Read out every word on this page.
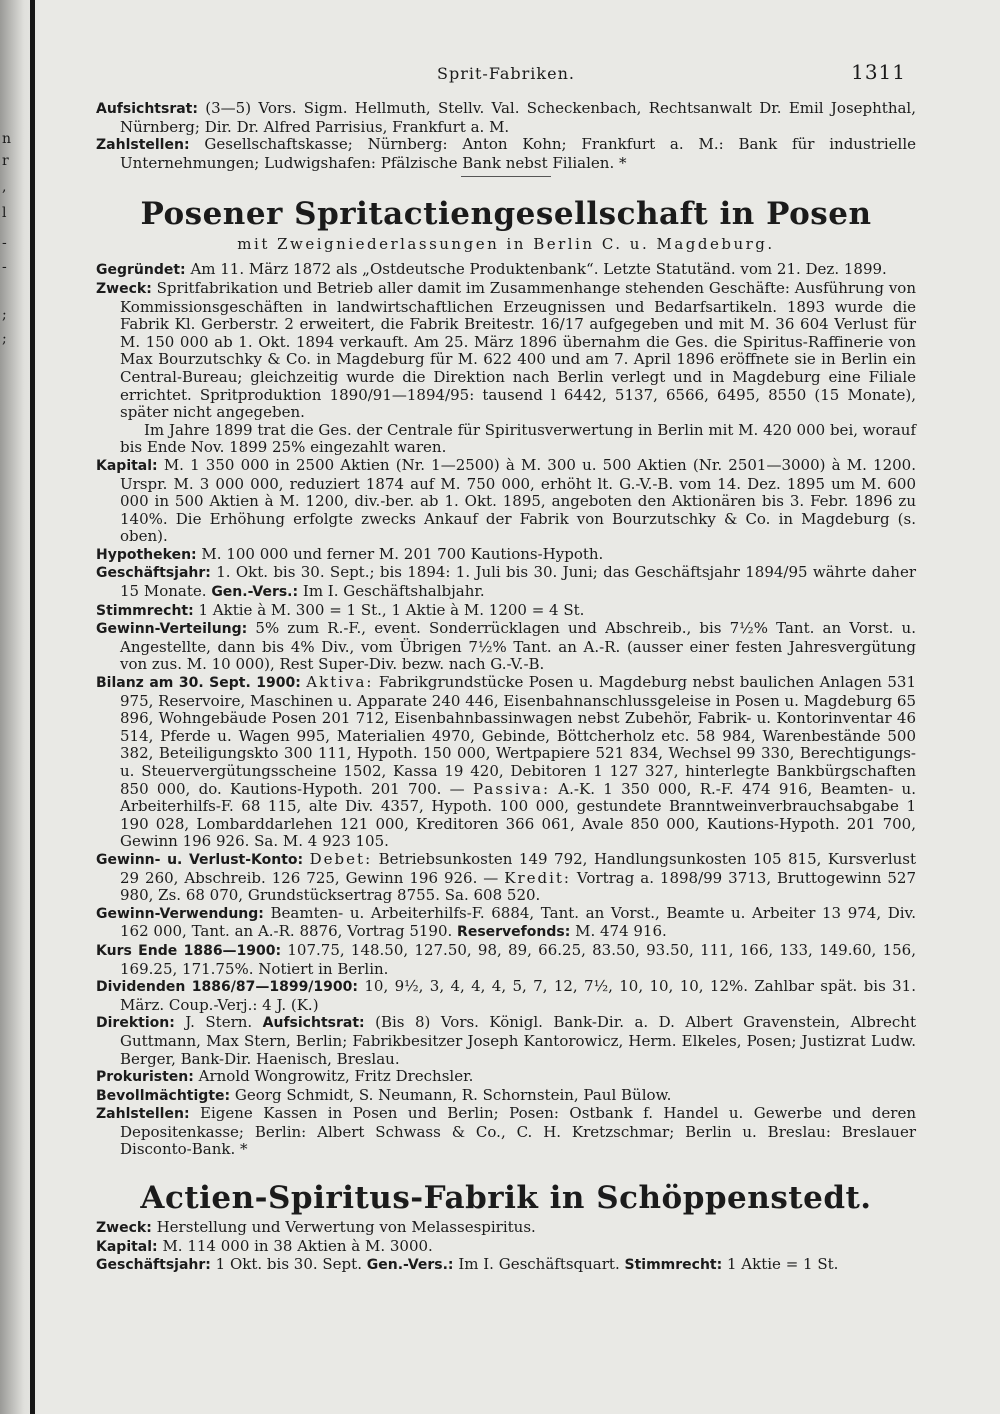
n
r
,
l
-
-
;
;
Sprit-Fabriken.	1311

Aufsichtsrat: (3—5) Vors. Sigm. Hellmuth, Stellv. Val. Scheckenbach, Rechtsanwalt Dr. Emil Josephthal, Nürnberg; Dir. Dr. Alfred Parrisius, Frankfurt a. M.

Zahlstellen: Gesellschaftskasse; Nürnberg: Anton Kohn; Frankfurt a. M.: Bank für industrielle Unternehmungen; Ludwigshafen: Pfälzische Bank nebst Filialen. *

Posener Spritactiengesellschaft in Posen
mit Zweigniederlassungen in Berlin C. u. Magdeburg.

Gegründet: Am 11. März 1872 als „Ostdeutsche Produktenbank“. Letzte Statutänd. vom 21. Dez. 1899.

Zweck: Spritfabrikation und Betrieb aller damit im Zusammenhange stehenden Geschäfte: Ausführung von Kommissionsgeschäften in landwirtschaftlichen Erzeugnissen und Bedarfsartikeln. 1893 wurde die Fabrik Kl. Gerberstr. 2 erweitert, die Fabrik Breitestr. 16/17 aufgegeben und mit M. 36 604 Verlust für M. 150 000 ab 1. Okt. 1894 verkauft. Am 25. März 1896 übernahm die Ges. die Spiritus-Raffinerie von Max Bourzutschky & Co. in Magdeburg für M. 622 400 und am 7. April 1896 eröffnete sie in Berlin ein Central-Bureau; gleichzeitig wurde die Direktion nach Berlin verlegt und in Magdeburg eine Filiale errichtet. Spritproduktion 1890/91—1894/95: tausend l 6442, 5137, 6566, 6495, 8550 (15 Monate), später nicht angegeben.

Im Jahre 1899 trat die Ges. der Centrale für Spiritusverwertung in Berlin mit M. 420 000 bei, worauf bis Ende Nov. 1899 25% eingezahlt waren.

Kapital: M. 1 350 000 in 2500 Aktien (Nr. 1—2500) à M. 300 u. 500 Aktien (Nr. 2501—3000) à M. 1200. Urspr. M. 3 000 000, reduziert 1874 auf M. 750 000, erhöht lt. G.-V.-B. vom 14. Dez. 1895 um M. 600 000 in 500 Aktien à M. 1200, div.-ber. ab 1. Okt. 1895, angeboten den Aktionären bis 3. Febr. 1896 zu 140%. Die Erhöhung erfolgte zwecks Ankauf der Fabrik von Bourzutschky & Co. in Magdeburg (s. oben).

Hypotheken: M. 100 000 und ferner M. 201 700 Kautions-Hypoth.

Geschäftsjahr: 1. Okt. bis 30. Sept.; bis 1894: 1. Juli bis 30. Juni; das Geschäftsjahr 1894/95 währte daher 15 Monate. Gen.-Vers.: Im I. Geschäftshalbjahr.

Stimmrecht: 1 Aktie à M. 300 = 1 St., 1 Aktie à M. 1200 = 4 St.

Gewinn-Verteilung: 5% zum R.-F., event. Sonderrücklagen und Abschreib., bis 7½% Tant. an Vorst. u. Angestellte, dann bis 4% Div., vom Übrigen 7½% Tant. an A.-R. (ausser einer festen Jahresvergütung von zus. M. 10 000), Rest Super-Div. bezw. nach G.-V.-B.

Bilanz am 30. Sept. 1900: Aktiva: Fabrikgrundstücke Posen u. Magdeburg nebst baulichen Anlagen 531 975, Reservoire, Maschinen u. Apparate 240 446, Eisenbahnanschlussgeleise in Posen u. Magdeburg 65 896, Wohngebäude Posen 201 712, Eisenbahnbassinwagen nebst Zubehör, Fabrik- u. Kontorinventar 46 514, Pferde u. Wagen 995, Materialien 4970, Gebinde, Böttcherholz etc. 58 984, Warenbestände 500 382, Beteiligungskto 300 111, Hypoth. 150 000, Wertpapiere 521 834, Wechsel 99 330, Berechtigungs- u. Steuervergütungsscheine 1502, Kassa 19 420, Debitoren 1 127 327, hinterlegte Bankbürgschaften 850 000, do. Kautions-Hypoth. 201 700. — Passiva: A.-K. 1 350 000, R.-F. 474 916, Beamten- u. Arbeiterhilfs-F. 68 115, alte Div. 4357, Hypoth. 100 000, gestundete Branntweinverbrauchsabgabe 1 190 028, Lombarddarlehen 121 000, Kreditoren 366 061, Avale 850 000, Kautions-Hypoth. 201 700, Gewinn 196 926. Sa. M. 4 923 105.

Gewinn- u. Verlust-Konto: Debet: Betriebsunkosten 149 792, Handlungsunkosten 105 815, Kursverlust 29 260, Abschreib. 126 725, Gewinn 196 926. — Kredit: Vortrag a. 1898/99 3713, Bruttogewinn 527 980, Zs. 68 070, Grundstücksertrag 8755. Sa. 608 520.

Gewinn-Verwendung: Beamten- u. Arbeiterhilfs-F. 6884, Tant. an Vorst., Beamte u. Arbeiter 13 974, Div. 162 000, Tant. an A.-R. 8876, Vortrag 5190. Reservefonds: M. 474 916.

Kurs Ende 1886—1900: 107.75, 148.50, 127.50, 98, 89, 66.25, 83.50, 93.50, 111, 166, 133, 149.60, 156, 169.25, 171.75%. Notiert in Berlin.

Dividenden 1886/87—1899/1900: 10, 9½, 3, 4, 4, 4, 5, 7, 12, 7½, 10, 10, 10, 12%. Zahlbar spät. bis 31. März. Coup.-Verj.: 4 J. (K.)

Direktion: J. Stern. Aufsichtsrat: (Bis 8) Vors. Königl. Bank-Dir. a. D. Albert Gravenstein, Albrecht Guttmann, Max Stern, Berlin; Fabrikbesitzer Joseph Kantorowicz, Herm. Elkeles, Posen; Justizrat Ludw. Berger, Bank-Dir. Haenisch, Breslau.

Prokuristen: Arnold Wongrowitz, Fritz Drechsler.

Bevollmächtigte: Georg Schmidt, S. Neumann, R. Schornstein, Paul Bülow.

Zahlstellen: Eigene Kassen in Posen und Berlin; Posen: Ostbank f. Handel u. Gewerbe und deren Depositenkasse; Berlin: Albert Schwass & Co., C. H. Kretzschmar; Berlin u. Breslau: Breslauer Disconto-Bank. *

Actien-Spiritus-Fabrik in Schöppenstedt.

Zweck: Herstellung und Verwertung von Melassespiritus.

Kapital: M. 114 000 in 38 Aktien à M. 3000.

Geschäftsjahr: 1 Okt. bis 30. Sept. Gen.-Vers.: Im I. Geschäftsquart. Stimmrecht: 1 Aktie = 1 St.
